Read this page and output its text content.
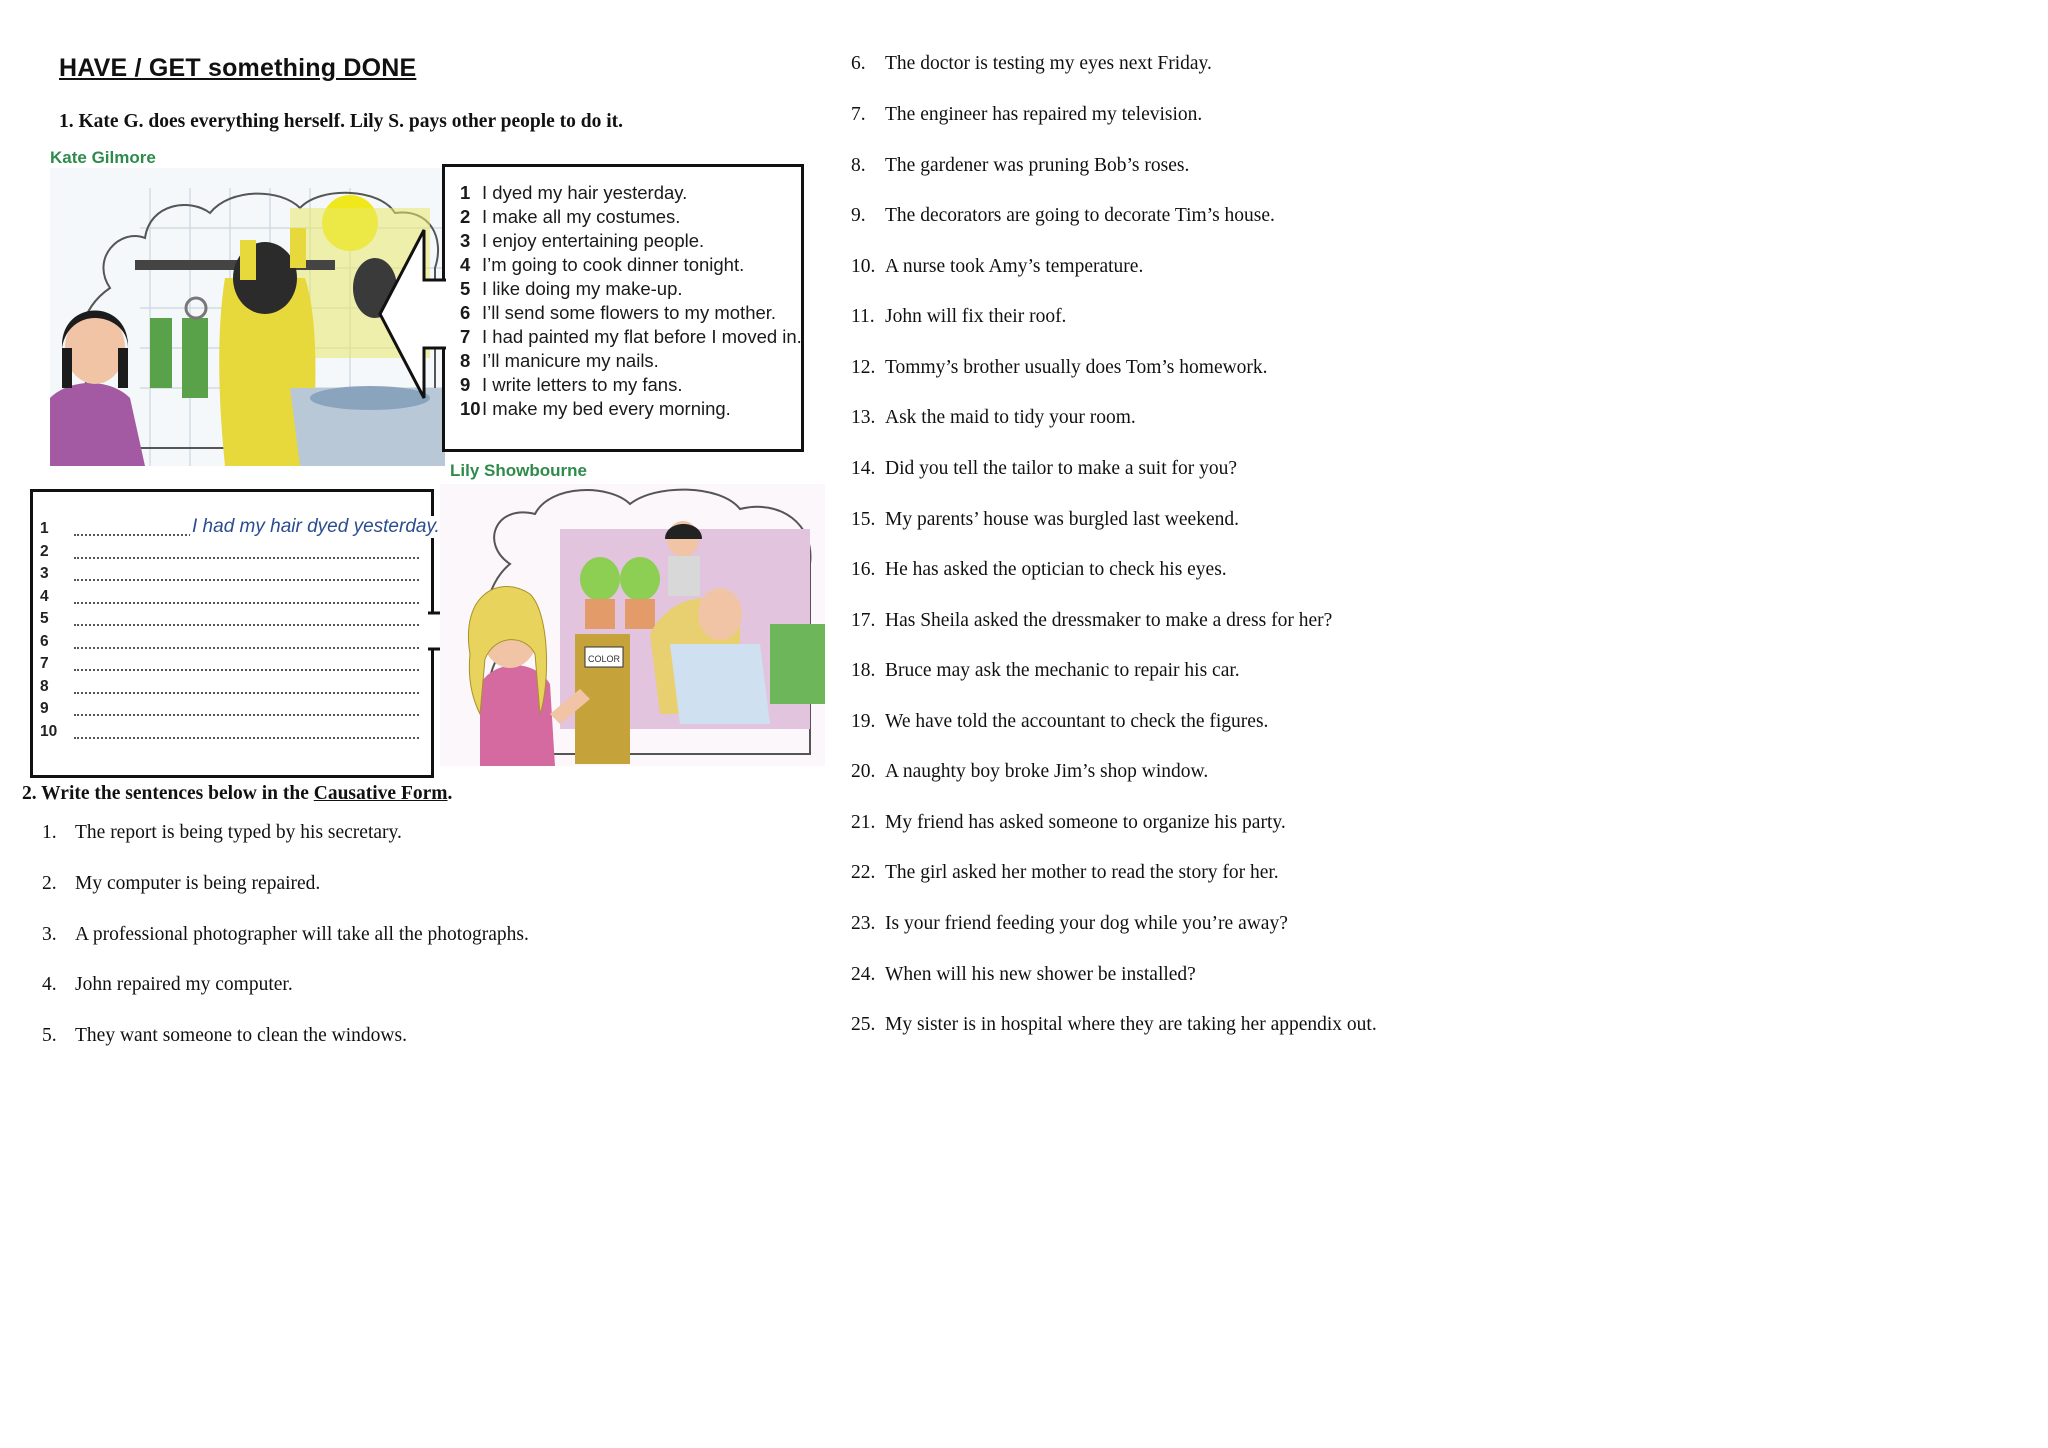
HAVE / GET something DONE
1. Kate G. does everything herself. Lily S. pays other people to do it.
Kate Gilmore
1 I dyed my hair yesterday.
2 I make all my costumes.
3 I enjoy entertaining people.
4 I’m going to cook dinner tonight.
5 I like doing my make-up.
6 I’ll send some flowers to my mother.
7 I had painted my flat before I moved in.
8 I’ll manicure my nails.
9 I write letters to my fans.
10I make my bed every morning.
1	I had my hair dyed yesterday.
2
3
4
5
6
7
8
9
10
Lily Showbourne
COLOR
2. Write the sentences below in the Causative Form.
1. The report is being typed by his secretary.
2. My computer is being repaired.
3. A professional photographer will take all the photographs.
4. John repaired my computer.
5. They want someone to clean the windows.
6. The doctor is testing my eyes next Friday.
7. The engineer has repaired my television.
8. The gardener was pruning Bob’s roses.
9. The decorators are going to decorate Tim’s house.
10. A nurse took Amy’s temperature.
11. John will fix their roof.
12. Tommy’s brother usually does Tom’s homework.
13. Ask the maid to tidy your room.
14. Did you tell the tailor to make a suit for you?
15. My parents’ house was burgled last weekend.
16. He has asked the optician to check his eyes.
17. Has Sheila asked the dressmaker to make a dress for her?
18. Bruce may ask the mechanic to repair his car.
19. We have told the accountant to check the figures.
20. A naughty boy broke Jim’s shop window.
21. My friend has asked someone to organize his party.
22. The girl asked her mother to read the story for her.
23. Is your friend feeding your dog while you’re away?
24. When will his new shower be installed?
25. My sister is in hospital where they are taking her appendix out.
